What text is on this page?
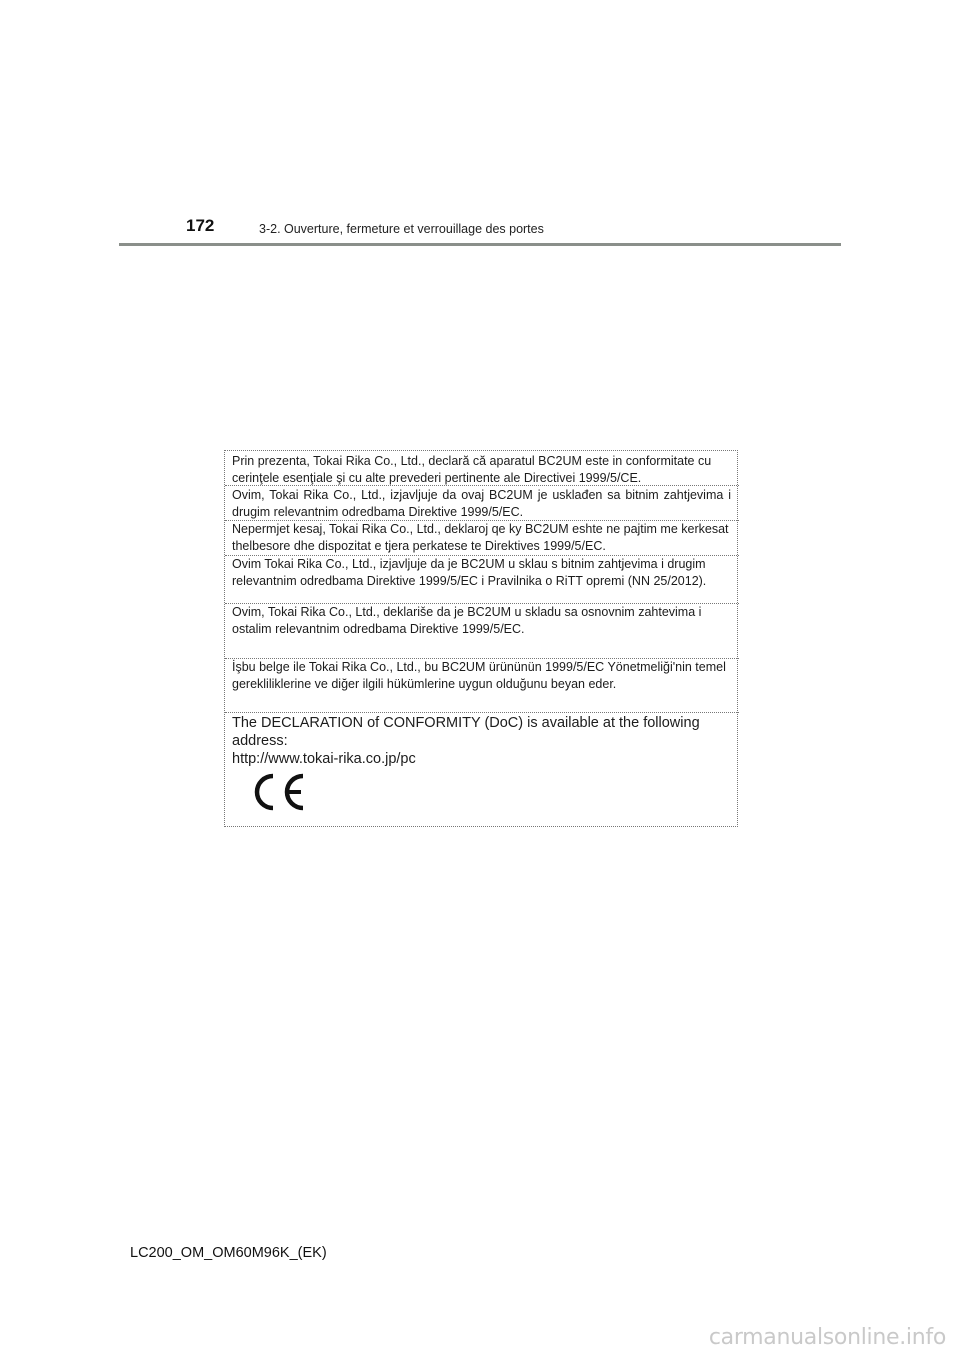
172	3-2. Ouverture, fermeture et verrouillage des portes
Prin prezenta, Tokai Rika Co., Ltd., declară că aparatul BC2UM este in conformitate cu cerinţele esenţiale şi cu alte prevederi pertinente ale Directivei 1999/5/CE.
Ovim, Tokai Rika Co., Ltd., izjavljuje da ovaj BC2UM je usklađen sa bitnim zahtjevima i drugim relevantnim odredbama Direktive 1999/5/EC.
Nepermjet kesaj, Tokai Rika Co., Ltd., deklaroj qe ky BC2UM eshte ne pajtim me kerkesat thelbesore dhe dispozitat e tjera perkatese te Direktives 1999/5/EC.
Ovim Tokai Rika Co., Ltd., izjavljuje da je BC2UM u sklau s bitnim zahtjevima i drugim relevantnim odredbama Direktive 1999/5/EC i Pravilnika o RiTT opremi (NN 25/2012).
Ovim, Tokai Rika Co., Ltd., deklariše da je BC2UM u skladu sa osnovnim zahtevima i ostalim relevantnim odredbama Direktive 1999/5/EC.
İşbu belge ile Tokai Rika Co., Ltd., bu BC2UM ürününün 1999/5/EC Yönetmeliği'nin temel gerekliliklerine ve diğer ilgili hükümlerine uygun olduğunu beyan eder.
The DECLARATION of CONFORMITY (DoC) is available at the following address:
http://www.tokai-rika.co.jp/pc
LC200_OM_OM60M96K_(EK)
carmanualsonline.info
